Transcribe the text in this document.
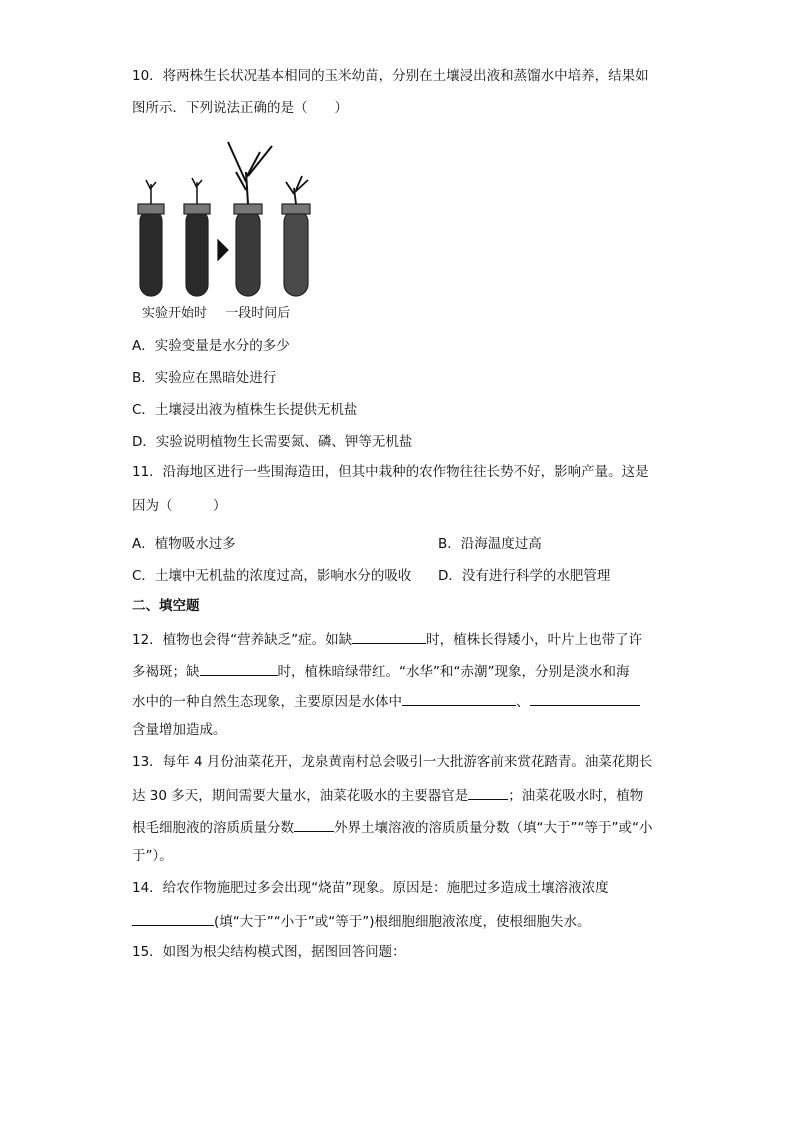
10．将两株生长状况基本相同的玉米幼苗，分别在土壤浸出液和蒸馏水中培养，结果如
图所示．下列说法正确的是（　　）
实验开始时 一段时间后
A．实验变量是水分的多少
B．实验应在黑暗处进行
C．土壤浸出液为植株生长提供无机盐
D．实验说明植物生长需要氮、磷、钾等无机盐
11．沿海地区进行一些围海造田，但其中栽种的农作物往往长势不好，影响产量。这是
因为（　　　）
A．植物吸水过多	B．沿海温度过高
C．土壤中无机盐的浓度过高，影响水分的吸收 D．没有进行科学的水肥管理
二、填空题
12．植物也会得“营养缺乏”症。如缺	时，植株长得矮小，叶片上也带了许
多褐斑；缺	时，植株暗绿带红。“水华”和“赤潮”现象，分别是淡水和海
水中的一种自然生态现象，主要原因是水体中	、
含量增加造成。
13．每年 4 月份油菜花开，龙泉黄南村总会吸引一大批游客前来赏花踏青。油菜花期长
达 30 多天，期间需要大量水，油菜花吸水的主要器官是	；油菜花吸水时，植物
根毛细胞液的溶质质量分数	外界土壤溶液的溶质质量分数（填“大于”“等于”或“小
于”）。
14．给农作物施肥过多会出现“烧苗”现象。原因是：施肥过多造成土壤溶液浓度
(填“大于”“小于”或“等于”)根细胞细胞液浓度，使根细胞失水。
15．如图为根尖结构模式图，据图回答问题：
